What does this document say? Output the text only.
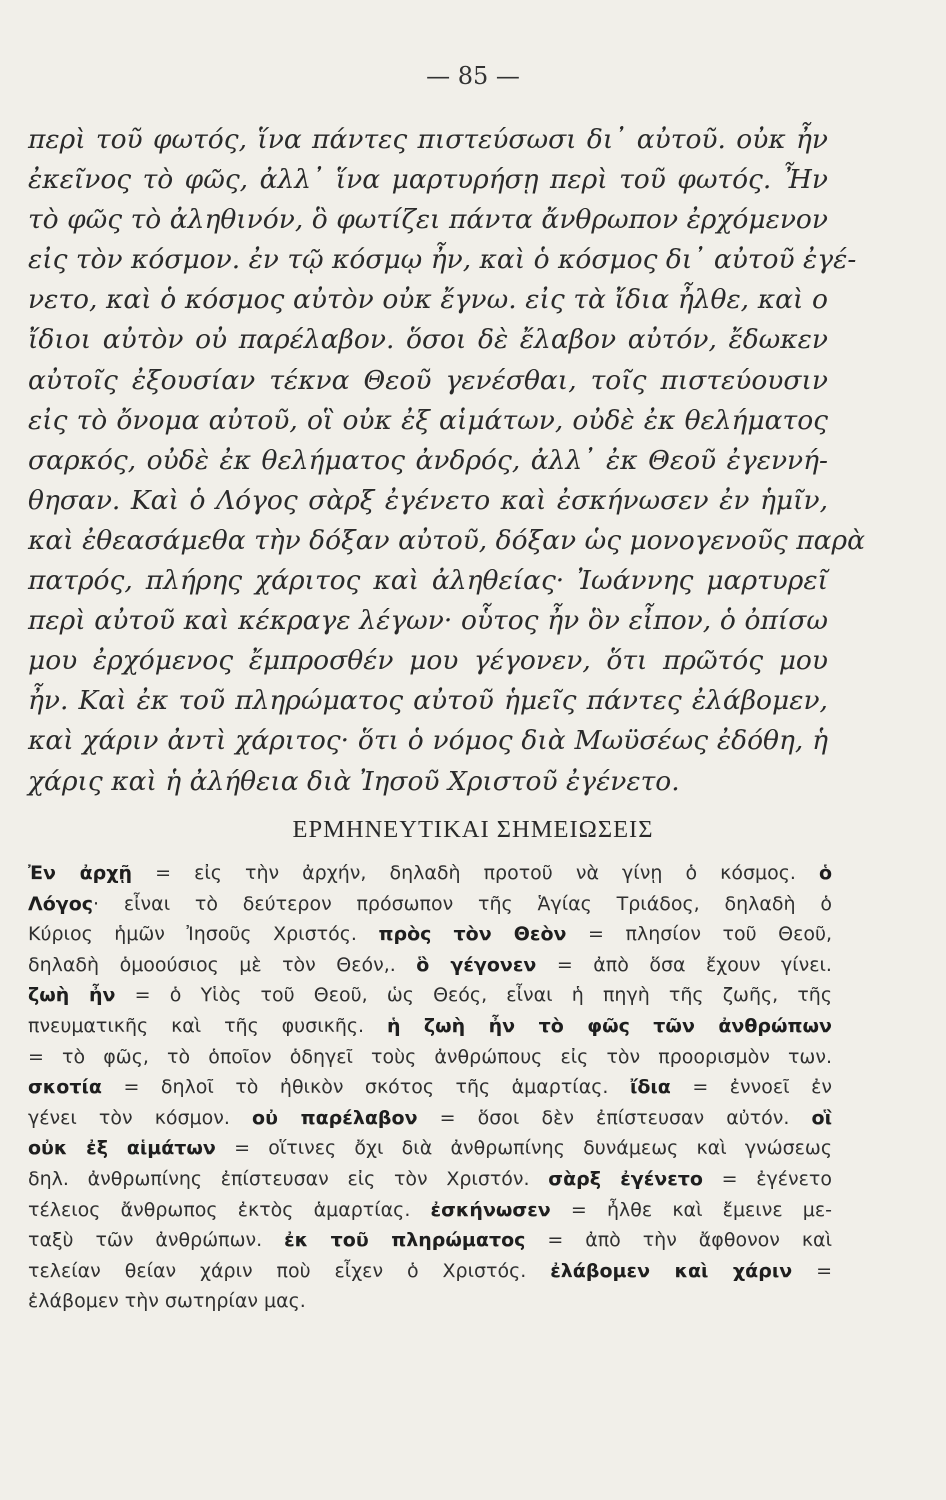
— 85 —
περὶ τοῦ φωτός, ἵνα πάντες πιστεύσωσι δι᾿ αὐτοῦ. οὐκ ἦν
ἐκεῖνος τὸ φῶς, ἀλλ᾿ ἵνα μαρτυρήσῃ περὶ τοῦ φωτός. Ἦν
τὸ φῶς τὸ ἀληθινόν, ὃ φωτίζει πάντα ἄνθρωπον ἐρχόμενον
εἰς τὸν κόσμον. ἐν τῷ κόσμῳ ἦν, καὶ ὁ κόσμος δι᾿ αὐτοῦ ἐγέ-
νετο, καὶ ὁ κόσμος αὐτὸν οὐκ ἔγνω. εἰς τὰ ἴδια ἦλθε, καὶ ο
ἴδιοι αὐτὸν οὐ παρέλαβον. ὅσοι δὲ ἔλαβον αὐτόν, ἔδωκεν
αὐτοῖς ἐξουσίαν τέκνα Θεοῦ γενέσθαι, τοῖς πιστεύουσιν
εἰς τὸ ὄνομα αὐτοῦ, οἳ οὐκ ἐξ αἱμάτων, οὐδὲ ἐκ θελήματος
σαρκός, οὐδὲ ἐκ θελήματος ἀνδρός, ἀλλ᾿ ἐκ Θεοῦ ἐγεννή-
θησαν. Καὶ ὁ Λόγος σὰρξ ἐγένετο καὶ ἐσκήνωσεν ἐν ἡμῖν,
καὶ ἐθεασάμεθα τὴν δόξαν αὐτοῦ, δόξαν ὡς μονογενοῦς παρὰ
πατρός, πλήρης χάριτος καὶ ἀληθείας· Ἰωάννης μαρτυρεῖ
περὶ αὐτοῦ καὶ κέκραγε λέγων· οὗτος ἦν ὃν εἶπον, ὁ ὀπίσω
μου ἐρχόμενος ἔμπροσθέν μου γέγονεν, ὅτι πρῶτός μου
ἦν. Καὶ ἐκ τοῦ πληρώματος αὐτοῦ ἡμεῖς πάντες ἐλάβομεν,
καὶ χάριν ἀντὶ χάριτος· ὅτι ὁ νόμος διὰ Μωϋσέως ἐδόθη, ἡ
χάρις καὶ ἡ ἀλήθεια διὰ Ἰησοῦ Χριστοῦ ἐγένετο.
ΕΡΜΗΝΕΥΤΙΚΑΙ ΣΗΜΕΙΩΣΕΙΣ
Ἐν ἀρχῇ = εἰς τὴν ἀρχήν, δηλαδὴ προτοῦ νὰ γίνῃ ὁ κόσμος. ὁ
Λόγος· εἶναι τὸ δεύτερον πρόσωπον τῆς Ἁγίας Τριάδος, δηλαδὴ ὁ
Κύριος ἡμῶν Ἰησοῦς Χριστός. πρὸς τὸν Θεὸν = πλησίον τοῦ Θεοῦ,
δηλαδὴ ὁμοούσιος μὲ τὸν Θεόν,. ὃ γέγονεν = ἀπὸ ὅσα ἔχουν γίνει.
ζωὴ ἦν = ὁ Υἱὸς τοῦ Θεοῦ, ὡς Θεός, εἶναι ἡ πηγὴ τῆς ζωῆς, τῆς
πνευματικῆς καὶ τῆς φυσικῆς. ἡ ζωὴ ἦν τὸ φῶς τῶν ἀνθρώπων
= τὸ φῶς, τὸ ὁποῖον ὁδηγεῖ τοὺς ἀνθρώπους εἰς τὸν προορισμὸν των.
σκοτία = δηλοῖ τὸ ἠθικὸν σκότος τῆς ἁμαρτίας. ἴδια = ἐννοεῖ ἐν
γένει τὸν κόσμον. οὐ παρέλαβον = ὅσοι δὲν ἐπίστευσαν αὐτόν. οἳ
οὐκ ἐξ αἱμάτων = οἵτινες ὄχι διὰ ἀνθρωπίνης δυνάμεως καὶ γνώσεως
δηλ. ἀνθρωπίνης ἐπίστευσαν εἰς τὸν Χριστόν. σὰρξ ἐγένετο = ἐγένετο
τέλειος ἄνθρωπος ἐκτὸς ἁμαρτίας. ἐσκήνωσεν = ἦλθε καὶ ἔμεινε με-
ταξὺ τῶν ἀνθρώπων. ἐκ τοῦ πληρώματος = ἀπὸ τὴν ἄφθονον καὶ
τελείαν θείαν χάριν ποὺ εἶχεν ὁ Χριστός. ἐλάβομεν καὶ χάριν =
ἐλάβομεν τὴν σωτηρίαν μας.
